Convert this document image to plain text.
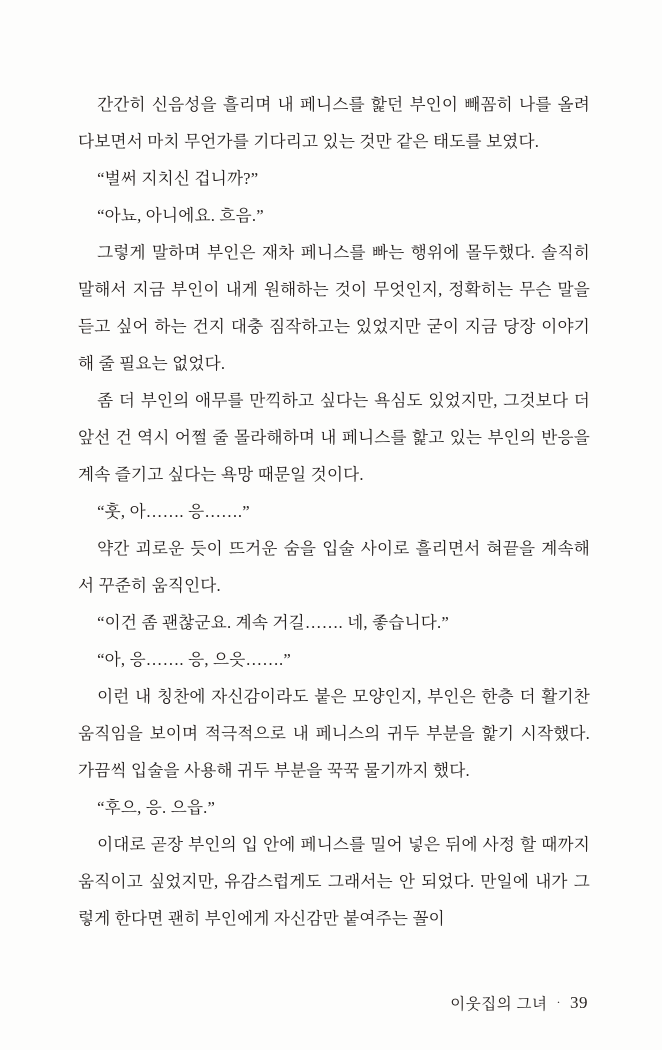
간간히 신음성을 흘리며 내 페니스를 핥던 부인이 빼꼼히 나를 올려다보면서 마치 무언가를 기다리고 있는 것만 같은 태도를 보였다.

“벌써 지치신 겁니까?”

“아뇨, 아니에요. 흐음.”

그렇게 말하며 부인은 재차 페니스를 빠는 행위에 몰두했다. 솔직히 말해서 지금 부인이 내게 원해하는 것이 무엇인지, 정확히는 무슨 말을 듣고 싶어 하는 건지 대충 짐작하고는 있었지만 굳이 지금 당장 이야기해 줄 필요는 없었다.

좀 더 부인의 애무를 만끽하고 싶다는 욕심도 있었지만, 그것보다 더 앞선 건 역시 어쩔 줄 몰라해하며 내 페니스를 핥고 있는 부인의 반응을 계속 즐기고 싶다는 욕망 때문일 것이다.

“훗, 아……. 응…….”

약간 괴로운 듯이 뜨거운 숨을 입술 사이로 흘리면서 혀끝을 계속해서 꾸준히 움직인다.

“이건 좀 괜찮군요. 계속 거길……. 네, 좋습니다.”

“아, 응……. 응, 으읏…….”

이런 내 칭찬에 자신감이라도 붙은 모양인지, 부인은 한층 더 활기찬 움직임을 보이며 적극적으로 내 페니스의 귀두 부분을 핥기 시작했다. 가끔씩 입술을 사용해 귀두 부분을 꾹꾹 물기까지 했다.

“후으, 응. 으읍.”

이대로 곧장 부인의 입 안에 페니스를 밀어 넣은 뒤에 사정 할 때까지 움직이고 싶었지만, 유감스럽게도 그래서는 안 되었다. 만일에 내가 그렇게 한다면 괜히 부인에게 자신감만 붙여주는 꼴이

이웃집의 그녀 · 39
